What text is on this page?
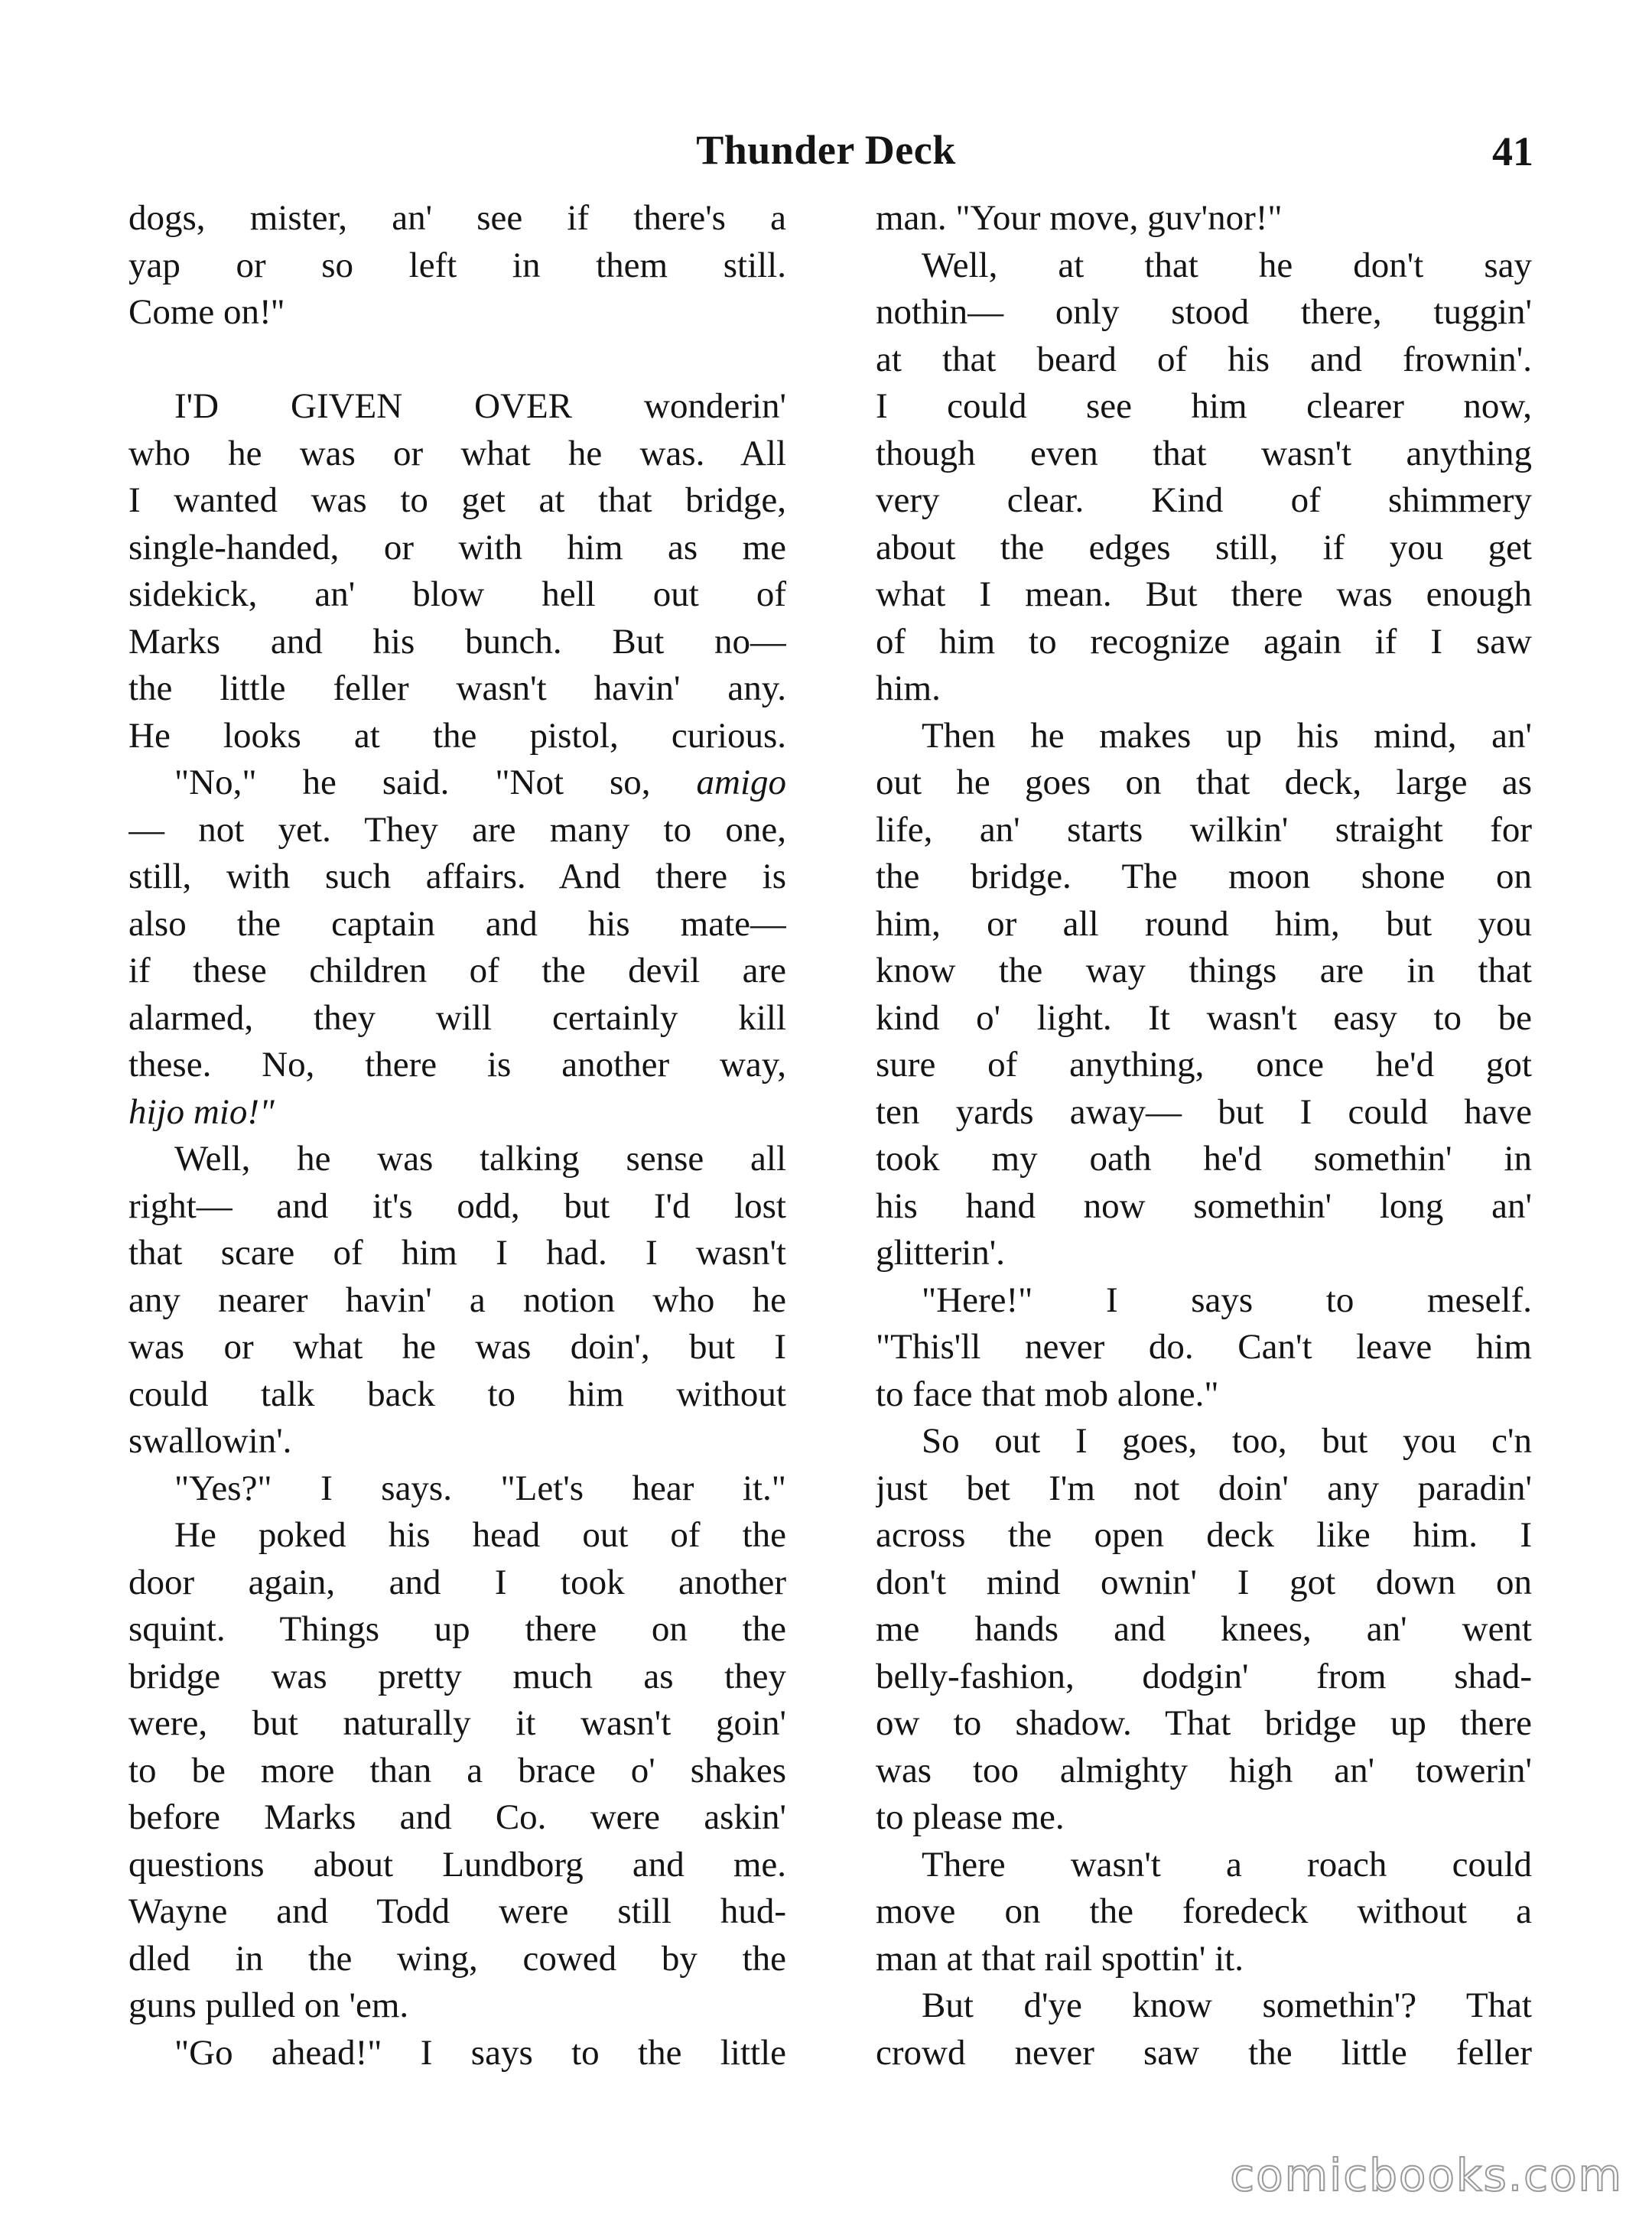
Thunder Deck	41
dogs, mister, an' see if there's a
yap or so left in them still.
Come on!''
I'D GIVEN OVER wonderin'
who he was or what he was. All
I wanted was to get at that bridge,
single-handed, or with him as me
sidekick, an' blow hell out of
Marks and his bunch. But no—
the little feller wasn't havin' any.
He looks at the pistol, curious.
"No," he said. "Not so, amigo
— not yet. They are many to one,
still, with such affairs. And there is
also the captain and his mate—
if these children of the devil are
alarmed, they will certainly kill
these. No, there is another way,
hijo mio!"
Well, he was talking sense all
right— and it's odd, but I'd lost
that scare of him I had. I wasn't
any nearer havin' a notion who he
was or what he was doin', but I
could talk back to him without
swallowin'.
"Yes?" I says. "Let's hear it."
He poked his head out of the
door again, and I took another
squint. Things up there on the
bridge was pretty much as they
were, but naturally it wasn't goin'
to be more than a brace o' shakes
before Marks and Co. were askin'
questions about Lundborg and me.
Wayne and Todd were still hud-
dled in the wing, cowed by the
guns pulled on 'em.
"Go ahead!" I says to the little
man. "Your move, guv'nor!"
Well, at that he don't say
nothin— only stood there, tuggin'
at that beard of his and frownin'.
I could see him clearer now,
though even that wasn't anything
very clear. Kind of shimmery
about the edges still, if you get
what I mean. But there was enough
of him to recognize again if I saw
him.
Then he makes up his mind, an'
out he goes on that deck, large as
life, an' starts wilkin' straight for
the bridge. The moon shone on
him, or all round him, but you
know the way things are in that
kind o' light. It wasn't easy to be
sure of anything, once he'd got
ten yards away— but I could have
took my oath he'd somethin' in
his hand now somethin' long an'
glitterin'.
"Here!" I says to meself.
"This'll never do. Can't leave him
to face that mob alone."
So out I goes, too, but you c'n
just bet I'm not doin' any paradin'
across the open deck like him. I
don't mind ownin' I got down on
me hands and knees, an' went
belly-fashion, dodgin' from shad-
ow to shadow. That bridge up there
was too almighty high an' towerin'
to please me.
There wasn't a roach could
move on the foredeck without a
man at that rail spottin' it.
But d'ye know somethin'? That
crowd never saw the little feller
comicbooks.com
